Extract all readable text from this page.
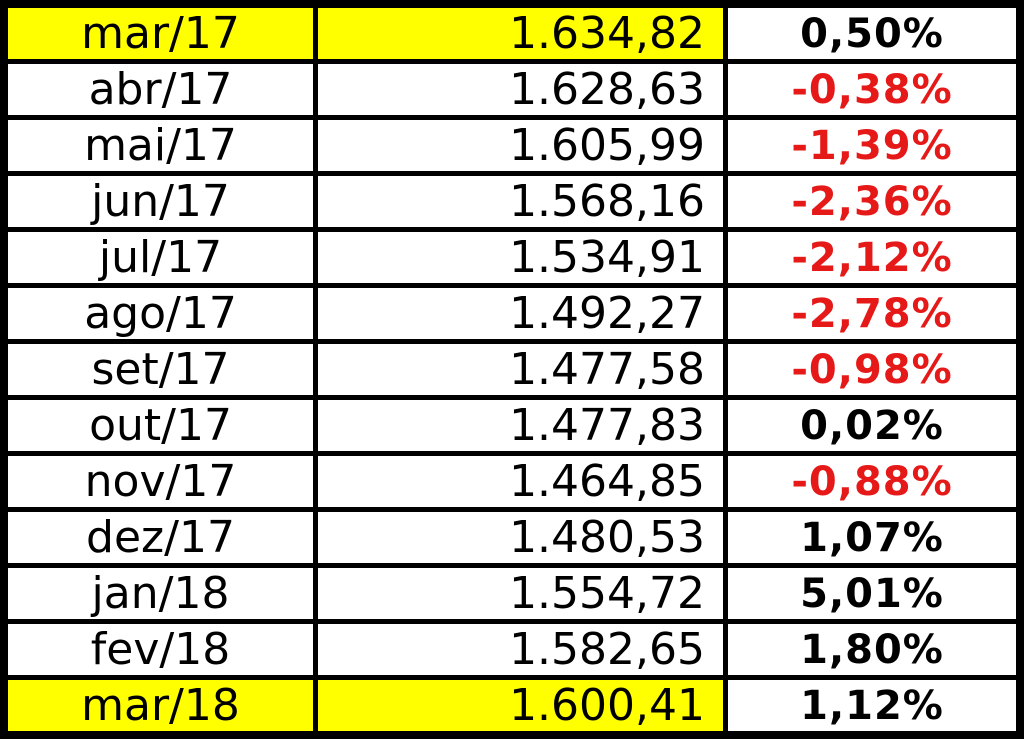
mar/17	1.634,82	0,50%
abr/17	1.628,63	-0,38%
mai/17	1.605,99	-1,39%
jun/17	1.568,16	-2,36%
jul/17	1.534,91	-2,12%
ago/17	1.492,27	-2,78%
set/17	1.477,58	-0,98%
out/17	1.477,83	0,02%
nov/17	1.464,85	-0,88%
dez/17	1.480,53	1,07%
jan/18	1.554,72	5,01%
fev/18	1.582,65	1,80%
mar/18	1.600,41	1,12%
